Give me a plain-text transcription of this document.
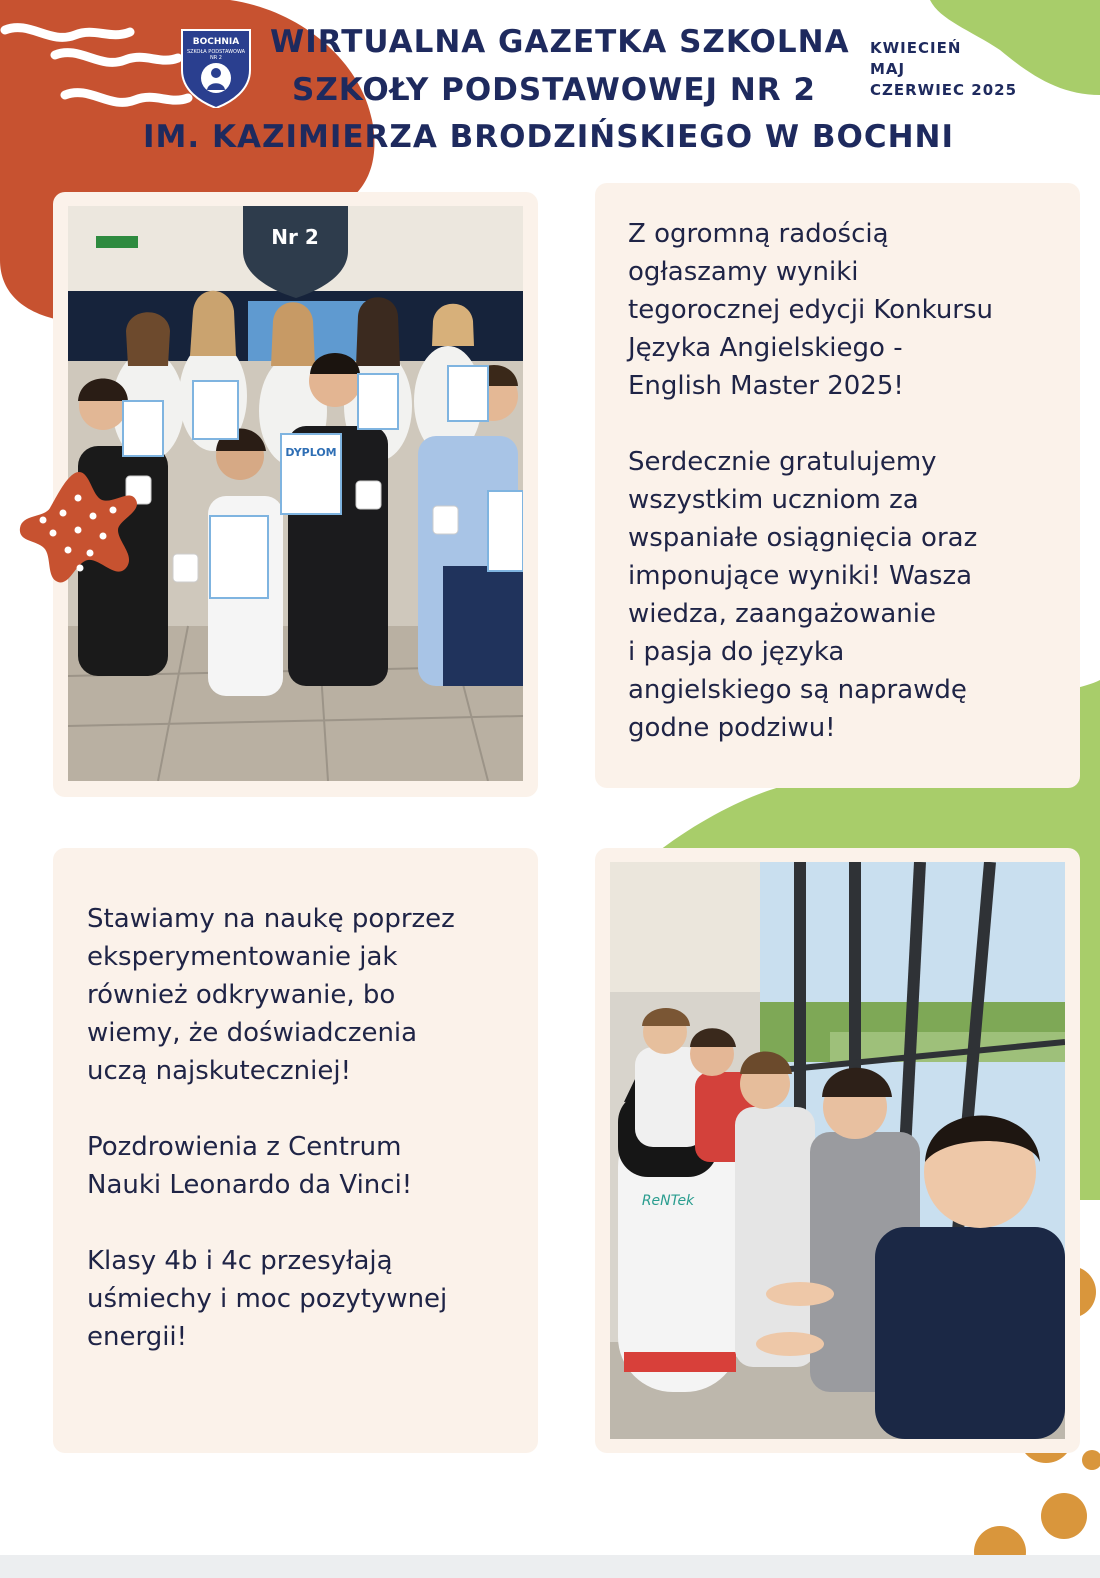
BOCHNIA
SZKOŁA PODSTAWOWA
NR 2 WIRTUALNA GAZETKA SZKOLNA
SZKOŁY PODSTAWOWEJ NR 2
IM. KAZIMIERZA BRODZIŃSKIEGO W BOCHNI
KWIECIEŃ
MAJ
CZERWIEC 2025
Nr 2
DYPLOM
Z ogromną radością
ogłaszamy wyniki
tegorocznej edycji Konkursu
Języka Angielskiego -
English Master 2025!

Serdecznie gratulujemy
wszystkim uczniom za
wspaniałe osiągnięcia oraz
imponujące wyniki! Wasza
wiedza, zaangażowanie
i pasja do języka
angielskiego są naprawdę
godne podziwu!
Stawiamy na naukę poprzez
eksperymentowanie jak
również odkrywanie, bo
wiemy, że doświadczenia
uczą najskuteczniej!

Pozdrowienia z Centrum
Nauki Leonardo da Vinci!

Klasy 4b i 4c przesyłają
uśmiechy i moc pozytywnej
energii!
ReNTek
